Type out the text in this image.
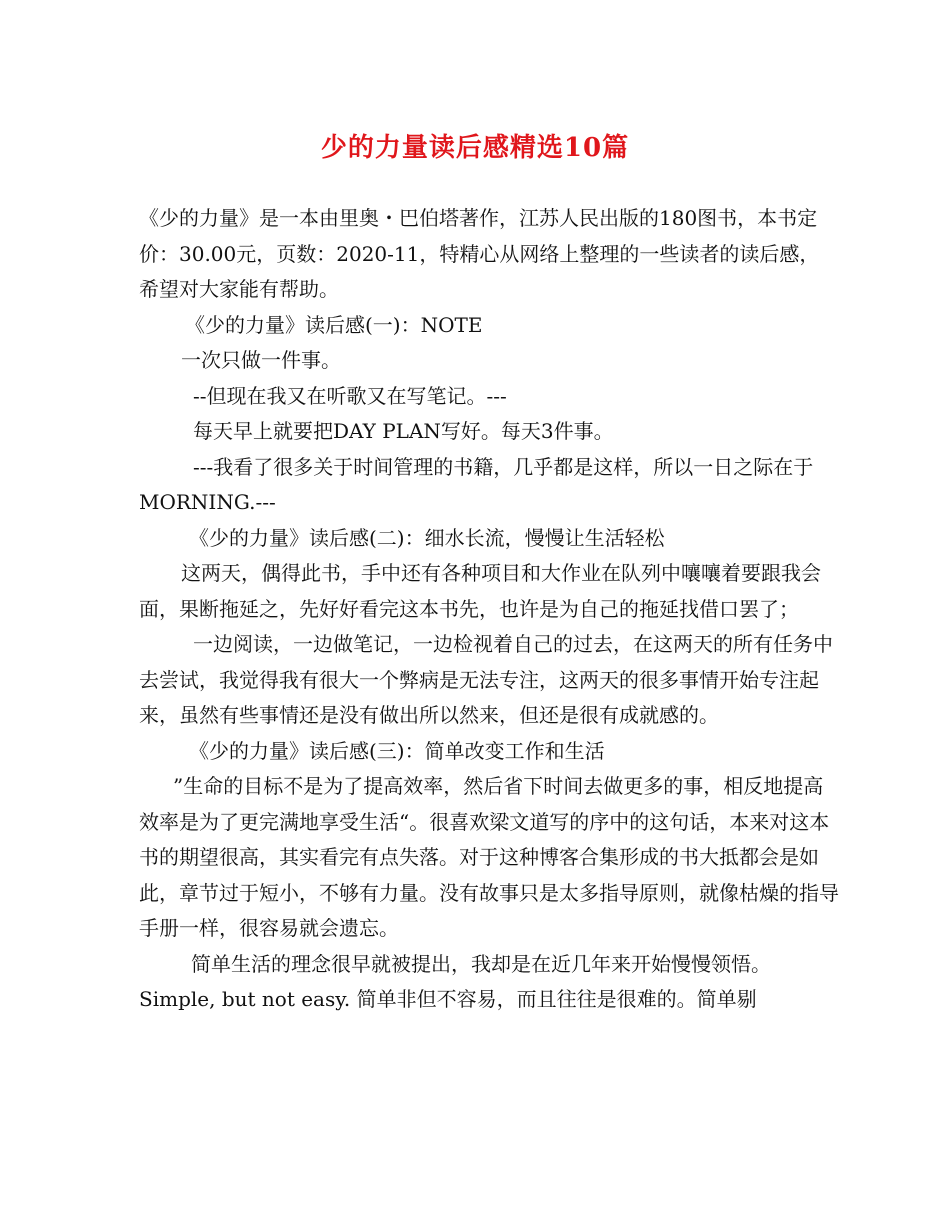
少的力量读后感精选10篇

《少的力量》是一本由里奥・巴伯塔著作，江苏人民出版的180图书，本书定价：30.00元，页数：2020-11，特精心从网络上整理的一些读者的读后感，希望对大家能有帮助。

《少的力量》读后感(一)：NOTE

一次只做一件事。

--但现在我又在听歌又在写笔记。---

每天早上就要把DAY PLAN写好。每天3件事。

---我看了很多关于时间管理的书籍，几乎都是这样，所以一日之际在于MORNING.---

《少的力量》读后感(二)：细水长流，慢慢让生活轻松

这两天，偶得此书，手中还有各种项目和大作业在队列中嚷嚷着要跟我会面，果断拖延之，先好好看完这本书先，也许是为自己的拖延找借口罢了；

一边阅读，一边做笔记，一边检视着自己的过去，在这两天的所有任务中去尝试，我觉得我有很大一个弊病是无法专注，这两天的很多事情开始专注起来，虽然有些事情还是没有做出所以然来，但还是很有成就感的。

《少的力量》读后感(三)：简单改变工作和生活

”生命的目标不是为了提高效率，然后省下时间去做更多的事，相反地提高效率是为了更完满地享受生活“。很喜欢梁文道写的序中的这句话，本来对这本书的期望很高，其实看完有点失落。对于这种博客合集形成的书大抵都会是如此，章节过于短小，不够有力量。没有故事只是太多指导原则，就像枯燥的指导手册一样，很容易就会遗忘。

简单生活的理念很早就被提出，我却是在近几年来开始慢慢领悟。Simple, but not easy. 简单非但不容易，而且往往是很难的。简单剔
